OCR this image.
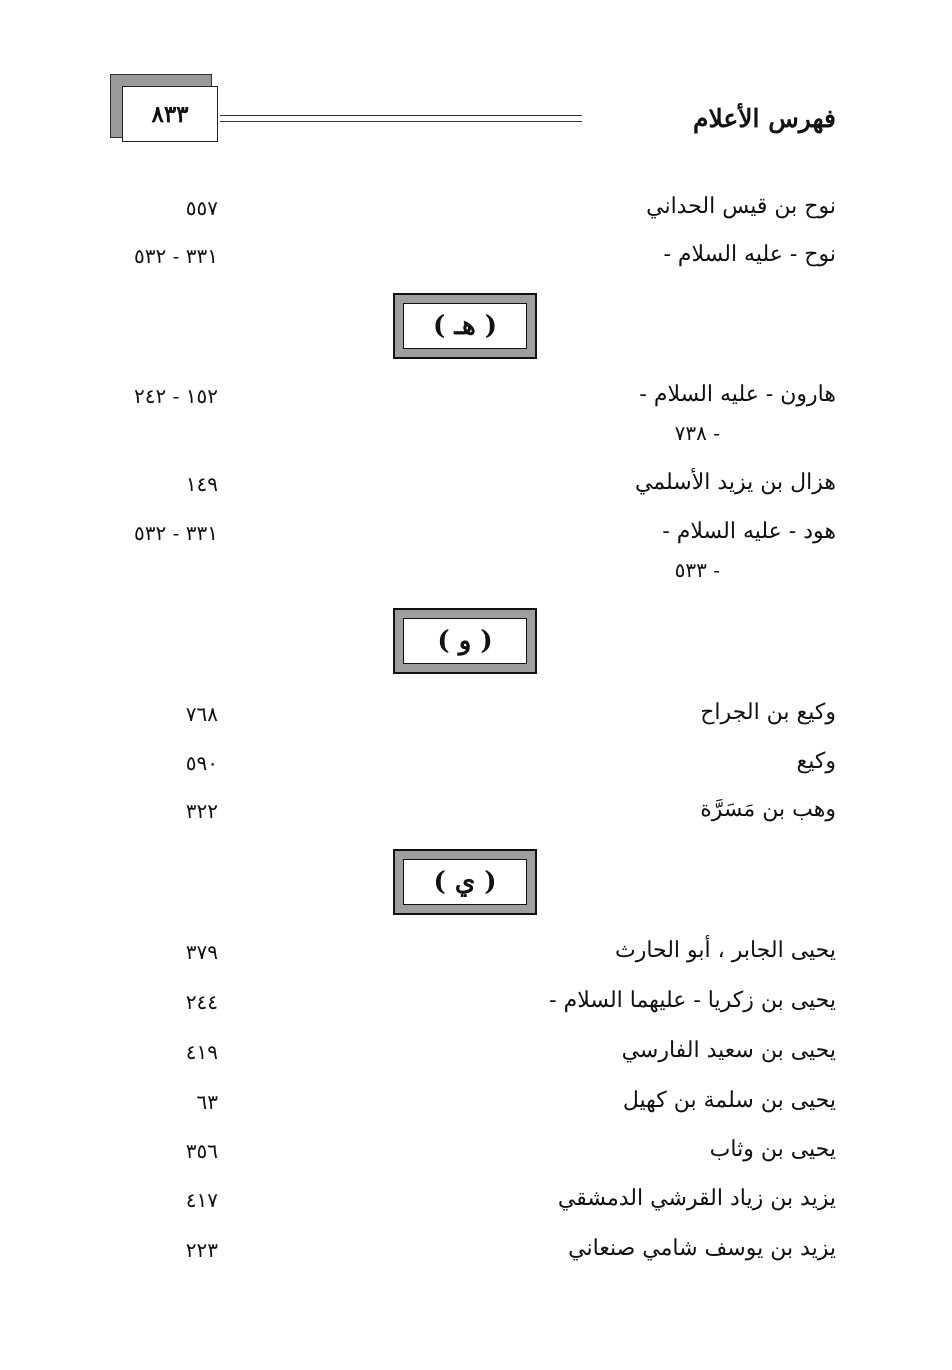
فهرس الأعلام
٨٣٣
نوح بن قيس الحداني
٥٥٧
نوح - عليه السلام -
٣٣١ - ٥٣٢
( هـ )
هارون - عليه السلام -
١٥٢ - ٢٤٢
- ٧٣٨
هزال بن يزيد الأسلمي
١٤٩
هود - عليه السلام -
٣٣١ - ٥٣٢
- ٥٣٣
( و )
وكيع بن الجراح
٧٦٨
وكيع
٥٩٠
وهب بن مَسَرَّة
٣٢٢
( ي )
يحيى الجابر ، أبو الحارث
٣٧٩
يحيى بن زكريا - عليهما السلام -
٢٤٤
يحيى بن سعيد الفارسي
٤١٩
يحيى بن سلمة بن كهيل
٦٣
يحيى بن وثاب
٣٥٦
يزيد بن زياد القرشي الدمشقي
٤١٧
يزيد بن يوسف شامي صنعاني
٢٢٣
